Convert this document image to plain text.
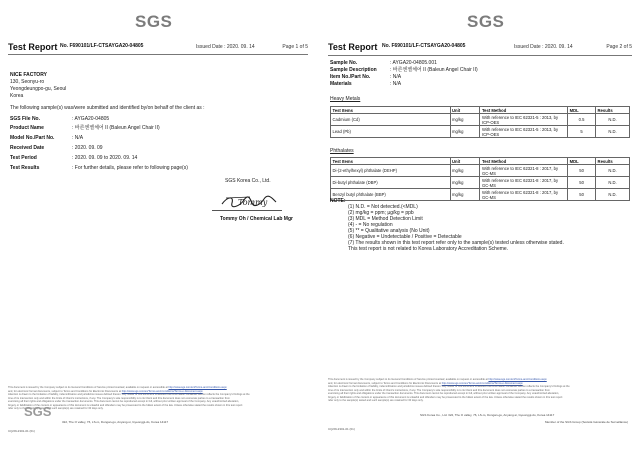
SGS
Test Report No. F690101/LF-CTSAYGA20-04805	Issued Date : 2020. 09. 14	Page 1 of 5
NICE FACTORY
130, Seonyu-ro
Yeongdeungpo-gu, Seoul
Korea
The following sample(s) was/were submitted and identified by/on behalf of the client as :
SGS File No.	: AYGA20-04805
Product Name	: 바른엔젤체어 II (Baleun Angel Chair II)
Model No./Part No.	: N/A
Received Date	: 2020. 09. 09
Test Period	: 2020. 09. 09 to 2020. 09. 14
Test Results	: For further details, please refer to following page(s)
SGS Korea Co., Ltd.
Tommy
Tommy Oh / Chemical Lab Mgr
This document is issued by the Company subject to its General Conditions of Service printed overleaf, available on request or accessible at http://www.sgs.com/en/Terms-and-Conditions.aspx
and, for electronic format documents, subject to Terms and Conditions for Electronic Documents at http://www.sgs.com/en/Terms-and-Conditions/Terms-e-Document.aspx
Attention is drawn to the limitation of liability, indemnification and jurisdiction issues defined therein. Any holder of this document is advised that information contained hereon reflects the Company's findings at the
time of its intervention only and within the limits of Client's instructions, if any. The Company's sole responsibility is to its Client and this document does not exonerate parties to a transaction from
exercising all their rights and obligations under the transaction documents. This document cannot be reproduced except in full, without prior written approval of the Company. Any unauthorized alteration,
forgery or falsification of the content or appearance of this document is unlawful and offenders may be prosecuted to the fullest extent of the law. Unless otherwise stated the results shown in this test report
refer only to the sample(s) tested and such sample(s) are retained for 30 days only.
SGS
322, The O valley, 76, LS-ro, Dongan-gu, Anyang-si, Gyeonggi-do, Korea 14117
CQ/29-2301-01 (01)
SGS
Test Report No. F690101/LF-CTSAYGA20-04805	Issued Date : 2020. 09. 14	Page 2 of 5
Sample No.	: AYGA20-04805.001
Sample Description	: 바른엔젤체어 II (Baleun Angel Chair II)
Item No./Part No.	: N/A
Materials	: N/A
Heavy Metals
Test Items	Unit	Test Method	MDL	Results
Cadmium (Cd)	mg/kg	With reference to IEC 62321-5 : 2013, by ICP-OES	0.5	N.D.
Lead (Pb)	mg/kg	With reference to IEC 62321-5 : 2013, by ICP-OES	5	N.D.
Phthalates
Test Items	Unit	Test Method	MDL	Results
Di-(2-ethylhexyl) phthalate (DEHP)	mg/kg	With reference to IEC 62321-8 : 2017, by GC-MS	50	N.D.
Di-butyl phthalate (DBP)	mg/kg	With reference to IEC 62321-8 : 2017, by GC-MS	50	N.D.
Benzyl butyl phthalate (BBP)	mg/kg	With reference to IEC 62321-8 : 2017, by GC-MS	50	N.D.
NOTE:
(1) N.D. = Not detected.(<MDL)
(2) mg/kg = ppm; µg/kg = ppb
(3) MDL = Method Detection Limit
(4) - = No regulation
(5) ** = Qualitative analysis (No Unit)
(6) Negative = Undetectable / Positive = Detectable
(7) The results shown in this test report refer only to the sample(s) tested unless otherwise stated.
This test report is not related to Korea Laboratory Accreditation Scheme.
This document is issued by the Company subject to its General Conditions of Service printed overleaf, available on request or accessible at http://www.sgs.com/en/Terms-and-Conditions.aspx
and, for electronic format documents, subject to Terms and Conditions for Electronic Documents at http://www.sgs.com/en/Terms-and-Conditions/Terms-e-Document.aspx
Attention is drawn to the limitation of liability, indemnification and jurisdiction issues defined therein. Any holder of this document is advised that information contained hereon reflects the Company's findings at the
time of its intervention only and within the limits of Client's instructions, if any. The Company's sole responsibility is to its Client and this document does not exonerate parties to a transaction from
exercising all their rights and obligations under the transaction documents. This document cannot be reproduced except in full, without prior written approval of the Company. Any unauthorized alteration,
forgery or falsification of the content or appearance of this document is unlawful and offenders may be prosecuted to the fullest extent of the law. Unless otherwise stated the results shown in this test report
refer only to the sample(s) tested and such sample(s) are retained for 30 days only.
SGS Korea Co., Ltd. 322, The O valley, 76, LS-ro, Dongan-gu, Anyang-si, Gyeonggi-do, Korea 14117
Member of the SGS Group (Société Générale de Surveillance)
CQ/29-2301-01 (01)
